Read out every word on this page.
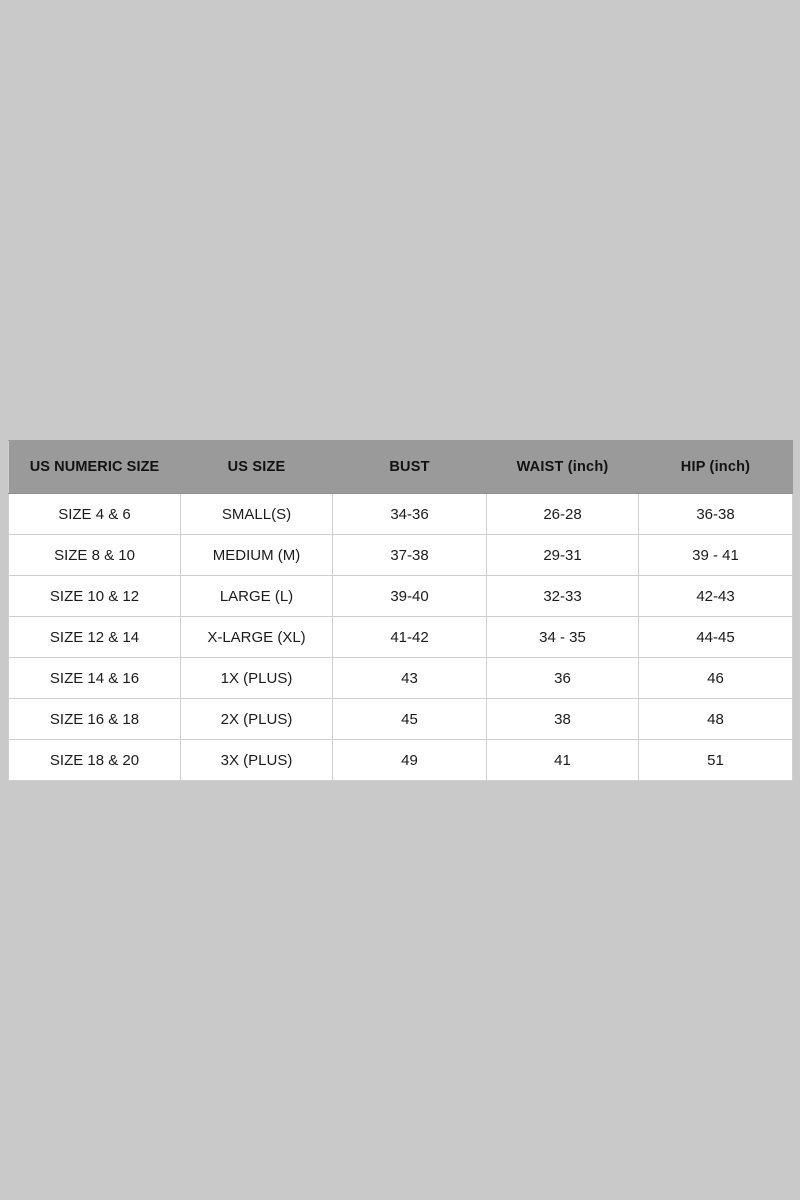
US NUMERIC SIZE	US SIZE	BUST	WAIST (inch)	HIP (inch)
SIZE 4 & 6	SMALL(S)	34-36	26-28	36-38
SIZE 8 & 10	MEDIUM (M)	37-38	29-31	39 - 41
SIZE 10 & 12	LARGE (L)	39-40	32-33	42-43
SIZE 12 & 14	X-LARGE (XL)	41-42	34 - 35	44-45
SIZE 14 & 16	1X (PLUS)	43	36	46
SIZE 16 & 18	2X (PLUS)	45	38	48
SIZE 18 & 20	3X (PLUS)	49	41	51
